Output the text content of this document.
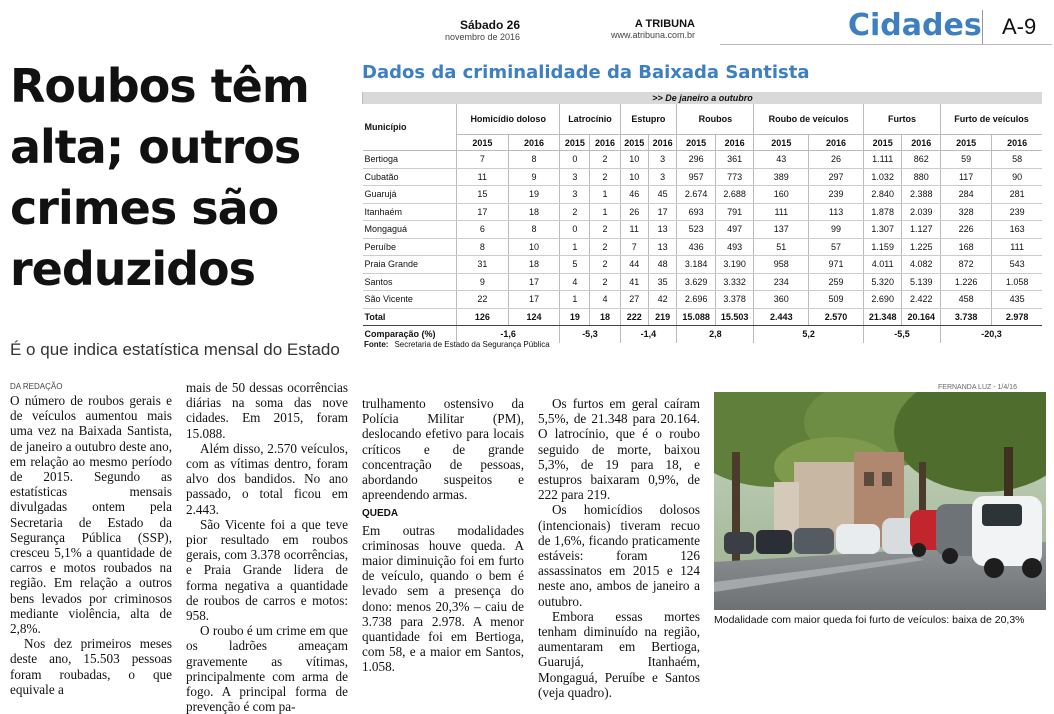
Sábado 26
novembro de 2016
A TRIBUNA
www.atribuna.com.br	Cidades A-9
Roubos têm
alta; outros
crimes são
reduzidos
É o que indica estatística mensal do Estado
DA REDAÇÃO

O número de roubos gerais e de veículos aumentou mais uma vez na Baixada Santista, de janeiro a outubro deste ano, em relação ao mesmo período de 2015. Segundo as estatísticas mensais divulgadas ontem pela Secretaria de Estado da Segurança Pública (SSP), cresceu 5,1% a quantidade de carros e motos roubados na região. Em relação a outros bens levados por criminosos mediante violência, alta de 2,8%.

Nos dez primeiros meses deste ano, 15.503 pessoas foram roubadas, o que equivale a

mais de 50 dessas ocorrências diárias na soma das nove cidades. Em 2015, foram 15.088.

Além disso, 2.570 veículos, com as vítimas dentro, foram alvo dos bandidos. No ano passado, o total ficou em 2.443.

São Vicente foi a que teve pior resultado em roubos gerais, com 3.378 ocorrências, e Praia Grande lidera de forma negativa a quantidade de roubos de carros e motos: 958.

O roubo é um crime em que os ladrões ameaçam gravemente as vítimas, principalmente com arma de fogo. A principal forma de prevenção é com pa-

trulhamento ostensivo da Polícia Militar (PM), deslocando efetivo para locais críticos e de grande concentração de pessoas, abordando suspeitos e apreendendo armas.

QUEDA

Em outras modalidades criminosas houve queda. A maior diminuição foi em furto de veículo, quando o bem é levado sem a presença do dono: menos 20,3% – caiu de 3.738 para 2.978. A menor quantidade foi em Bertioga, com 58, e a maior em Santos, 1.058.

Os furtos em geral caíram 5,5%, de 21.348 para 20.164. O latrocínio, que é o roubo seguido de morte, baixou 5,3%, de 19 para 18, e estupros baixaram 0,9%, de 222 para 219.

Os homicídios dolosos (intencionais) tiveram recuo de 1,6%, ficando praticamente estáveis: foram 126 assassinatos em 2015 e 124 neste ano, ambos de janeiro a outubro.

Embora essas mortes tenham diminuído na região, aumentaram em Bertioga, Guarujá, Itanhaém, Mongaguá, Peruíbe e Santos (veja quadro).

Dados da criminalidade da Baixada Santista
>> De janeiro a outubro														
Município	Homicídio doloso		Latrocínio		Estupro		Roubos		Roubo de veículos		Furtos		Furto de veículos	
	2015	2016	2015	2016	2015	2016	2015	2016	2015	2016	2015	2016	2015	2016
Bertioga	7	8	0	2	10	3	296	361	43	26	1.111	862	59	58
Cubatão	11	9	3	2	10	3	957	773	389	297	1.032	880	117	90
Guarujá	15	19	3	1	46	45	2.674	2.688	160	239	2.840	2.388	284	281
Itanhaém	17	18	2	1	26	17	693	791	111	113	1.878	2.039	328	239
Mongaguá	6	8	0	2	11	13	523	497	137	99	1.307	1.127	226	163
Peruíbe	8	10	1	2	7	13	436	493	51	57	1.159	1.225	168	111
Praia Grande	31	18	5	2	44	48	3.184	3.190	958	971	4.011	4.082	872	543
Santos	9	17	4	2	41	35	3.629	3.332	234	259	5.320	5.139	1.226	1.058
São Vicente	22	17	1	4	27	42	2.696	3.378	360	509	2.690	2.422	458	435
Total	126	124	19	18	222	219	15.088	15.503	2.443	2.570	21.348	20.164	3.738	2.978
Comparação (%)	-1,6		-5,3		-1,4		2,8		5,2		-5,5		-20,3	
Fonte: Secretaria de Estado da Segurança Pública
FERNANDA LUZ - 1/4/16
Modalidade com maior queda foi furto de veículos: baixa de 20,3%
